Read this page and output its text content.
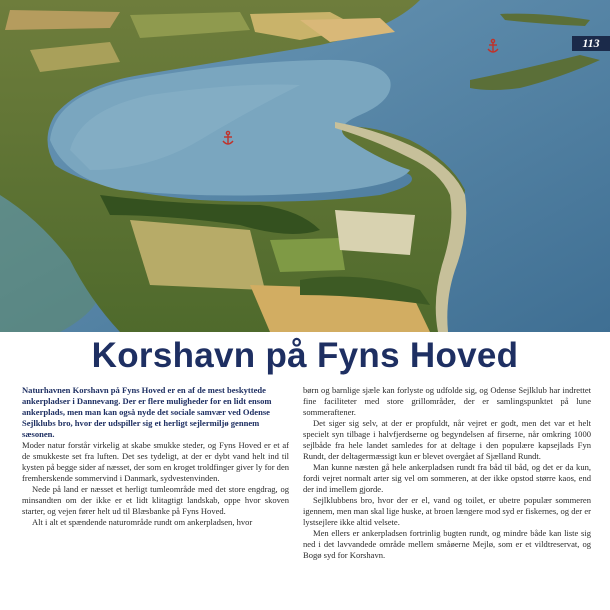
113
Korshavn på Fyns Hoved

Naturhavnen Korshavn på Fyns Hoved er en af de mest beskyttede ankerpladser i Dannevang. Der er flere muligheder for en lidt ensom ankerplads, men man kan også nyde det sociale samvær ved Odense Sejlklubs bro, hvor der udspiller sig et herligt sejlermiljø gennem sæsonen.

Moder natur forstår virkelig at skabe smukke steder, og Fyns Hoved er et af de smukkeste set fra luften. Det ses tydeligt, at der er dybt vand helt ind til kysten på begge sider af næsset, der som en kroget troldfinger giver ly for den fremherskende sommervind i Danmark, sydvestenvinden.

Nede på land er næsset et herligt tumleområde med det store engdrag, og minsandten om der ikke er et lidt klitagtigt landskab, oppe hvor skoven starter, og vejen fører helt ud til Blæsbanke på Fyns Hoved.

Alt i alt et spændende naturområde rundt om ankerpladsen, hvor

børn og barnlige sjæle kan forlyste og udfolde sig, og Odense Sejlklub har indrettet fine faciliteter med store grillområder, der er samlingspunktet på lune sommeraftener.

Det siger sig selv, at der er propfuldt, når vejret er godt, men det var et helt specielt syn tilbage i halvfjerdserne og begyndelsen af firserne, når omkring 1000 sejlbåde fra hele landet samledes for at deltage i den populære kapsejlads Fyn Rundt, der deltagermæssigt kun er blevet overgået af Sjælland Rundt.

Man kunne næsten gå hele ankerpladsen rundt fra båd til båd, og det er da kun, fordi vejret normalt arter sig vel om sommeren, at der ikke opstod større kaos, end der ind imellem gjorde.

Sejlklubbens bro, hvor der er el, vand og toilet, er ubetre populær sommeren igennem, men man skal lige huske, at broen længere mod syd er fiskernes, og der er lystsejlere ikke altid velsete.

Men ellers er ankerpladsen fortrinlig bugten rundt, og mindre både kan liste sig ned i det lavvandede område mellem småøerne Mejlø, som er et vildtreservat, og Bogø syd for Korshavn.
